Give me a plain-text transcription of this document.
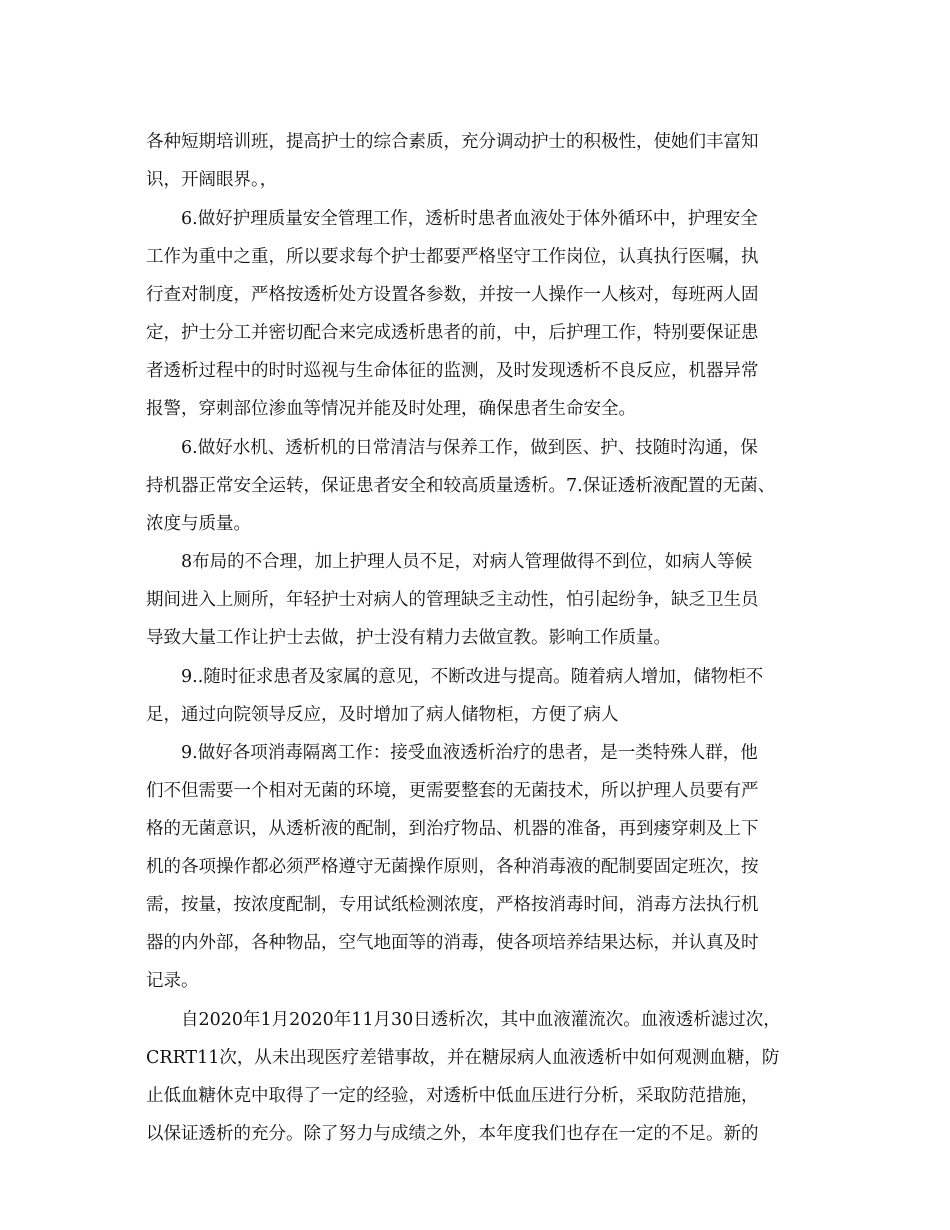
各种短期培训班，提高护士的综合素质，充分调动护士的积极性，使她们丰富知
识，开阔眼界。，
6.做好护理质量安全管理工作，透析时患者血液处于体外循环中，护理安全
工作为重中之重，所以要求每个护士都要严格坚守工作岗位，认真执行医嘱，执
行查对制度，严格按透析处方设置各参数，并按一人操作一人核对，每班两人固
定，护士分工并密切配合来完成透析患者的前，中，后护理工作，特别要保证患
者透析过程中的时时巡视与生命体征的监测，及时发现透析不良反应，机器异常
报警，穿刺部位渗血等情况并能及时处理，确保患者生命安全。
6.做好水机、透析机的日常清洁与保养工作，做到医、护、技随时沟通，保
持机器正常安全运转，保证患者安全和较高质量透析。7.保证透析液配置的无菌、
浓度与质量。
8布局的不合理，加上护理人员不足，对病人管理做得不到位，如病人等候
期间进入上厕所，年轻护士对病人的管理缺乏主动性，怕引起纷争，缺乏卫生员
导致大量工作让护士去做，护士没有精力去做宣教。影响工作质量。
9..随时征求患者及家属的意见，不断改进与提高。随着病人增加，储物柜不
足，通过向院领导反应，及时增加了病人储物柜，方便了病人
9.做好各项消毒隔离工作：接受血液透析治疗的患者，是一类特殊人群，他
们不但需要一个相对无菌的环境，更需要整套的无菌技术，所以护理人员要有严
格的无菌意识，从透析液的配制，到治疗物品、机器的准备，再到瘘穿刺及上下
机的各项操作都必须严格遵守无菌操作原则，各种消毒液的配制要固定班次，按
需，按量，按浓度配制，专用试纸检测浓度，严格按消毒时间，消毒方法执行机
器的内外部，各种物品，空气地面等的消毒，使各项培养结果达标，并认真及时
记录。
自2020年1月2020年11月30日透析次，其中血液灌流次。血液透析滤过次，
CRRT11次，从未出现医疗差错事故，并在糖尿病人血液透析中如何观测血糖，防
止低血糖休克中取得了一定的经验，对透析中低血压进行分析，采取防范措施，
以保证透析的充分。除了努力与成绩之外，本年度我们也存在一定的不足。新的
